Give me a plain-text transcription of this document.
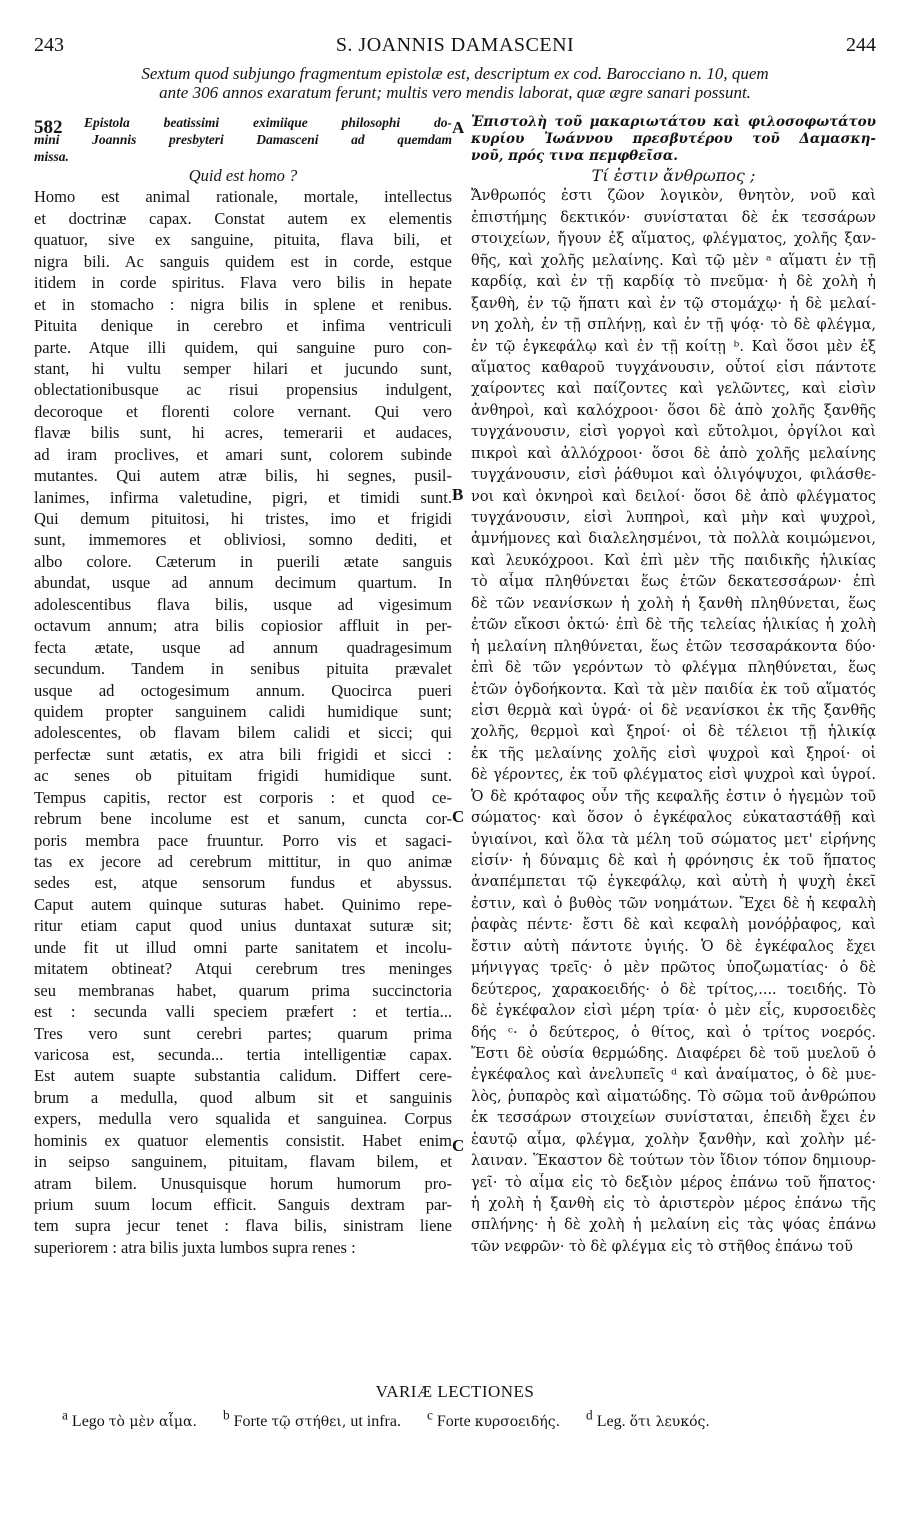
243	S. JOANNIS DAMASCENI	244
Sextum quod subjungo fragmentum epistolæ est, descriptum ex cod. Barocciano n. 10, quem
ante 306 annos exaratum ferunt; multis vero mendis laborat, quæ ægre sanari possunt.
582	A
B
C
C
Epistola beatissimi eximiique philosophi do-
mini Joannis presbyteri Damasceni ad quemdam
missa.
Quid est homo ?
Homo est animal rationale, mortale, intellectus
et doctrinæ capax. Constat autem ex elementis
quatuor, sive ex sanguine, pituita, flava bili, et
nigra bili. Ac sanguis quidem est in corde, estque
itidem in corde spiritus. Flava vero bilis in hepate
et in stomacho : nigra bilis in splene et renibus.
Pituita denique in cerebro et infima ventriculi
parte. Atque illi quidem, qui sanguine puro con-
stant, hi vultu semper hilari et jucundo sunt,
oblectationibusque ac risui propensius indulgent,
decoroque et florenti colore vernant. Qui vero
flavæ bilis sunt, hi acres, temerarii et audaces,
ad iram proclives, et amari sunt, colorem subinde
mutantes. Qui autem atræ bilis, hi segnes, pusil-
lanimes, infirma valetudine, pigri, et timidi sunt.
Qui demum pituitosi, hi tristes, imo et frigidi
sunt, immemores et obliviosi, somno dediti, et
albo colore. Cæterum in puerili ætate sanguis
abundat, usque ad annum decimum quartum. In
adolescentibus flava bilis, usque ad vigesimum
octavum annum; atra bilis copiosior affluit in per-
fecta ætate, usque ad annum quadragesimum
secundum. Tandem in senibus pituita prævalet
usque ad octogesimum annum. Quocirca pueri
quidem propter sanguinem calidi humidique sunt;
adolescentes, ob flavam bilem calidi et sicci; qui
perfectæ sunt ætatis, ex atra bili frigidi et sicci :
ac senes ob pituitam frigidi humidique sunt.
Tempus capitis, rector est corporis : et quod ce-
rebrum bene incolume est et sanum, cuncta cor-
poris membra pace fruuntur. Porro vis et sagaci-
tas ex jecore ad cerebrum mittitur, in quo animæ
sedes est, atque sensorum fundus et abyssus.
Caput autem quinque suturas habet. Quinimo repe-
ritur etiam caput quod unius duntaxat suturæ sit;
unde fit ut illud omni parte sanitatem et incolu-
mitatem obtineat? Atqui cerebrum tres meninges
seu membranas habet, quarum prima succinctoria
est : secunda valli speciem præfert : et tertia...
Tres vero sunt cerebri partes; quarum prima
varicosa est, secunda... tertia intelligentiæ capax.
Est autem suapte substantia calidum. Differt cere-
brum a medulla, quod album sit et sanguinis
expers, medulla vero squalida et sanguinea. Corpus
hominis ex quatuor elementis consistit. Habet enim
in seipso sanguinem, pituitam, flavam bilem, et
atram bilem. Unusquisque horum humorum pro-
prium suum locum efficit. Sanguis dextram par-
tem supra jecur tenet : flava bilis, sinistram liene
superiorem : atra bilis juxta lumbos supra renes :
Ἐπιστολὴ τοῦ μακαριωτάτου καὶ φιλοσοφωτάτου
κυρίου Ἰωάννου πρεσβυτέρου τοῦ Δαμασκη-
νοῦ, πρός τινα πεμφθεῖσα.
Τί ἐστιν ἄνθρωπος ;
Ἄνθρωπός ἐστι ζῶον λογικὸν, θνητὸν, νοῦ καὶ
ἐπιστήμης δεκτικόν· συνίσταται δὲ ἐκ τεσσάρων
στοιχείων, ἤγουν ἐξ αἵματος, φλέγματος, χολῆς ξαν-
θῆς, καὶ χολῆς μελαίνης. Καὶ τῷ μὲν ᵃ αἵματι ἐν τῇ
καρδίᾳ, καὶ ἐν τῇ καρδίᾳ τὸ πνεῦμα· ἡ δὲ χολὴ ἡ
ξανθὴ, ἐν τῷ ἥπατι καὶ ἐν τῷ στομάχῳ· ἡ δὲ μελαί-
νη χολὴ, ἐν τῇ σπλήνῃ, καὶ ἐν τῇ ψόᾳ· τὸ δὲ φλέγμα,
ἐν τῷ ἐγκεφάλῳ καὶ ἐν τῇ κοίτῃ ᵇ. Καὶ ὅσοι μὲν ἐξ
αἵματος καθαροῦ τυγχάνουσιν, οὗτοί εἰσι πάντοτε
χαίροντες καὶ παίζοντες καὶ γελῶντες, καὶ εἰσὶν
ἀνθηροὶ, καὶ καλόχροοι· ὅσοι δὲ ἀπὸ χολῆς ξανθῆς
τυγχάνουσιν, εἰσὶ γοργοὶ καὶ εὔτολμοι, ὀργίλοι καὶ
πικροὶ καὶ ἀλλόχροοι· ὅσοι δὲ ἀπὸ χολῆς μελαίνης
τυγχάνουσιν, εἰσὶ ῥάθυμοι καὶ ὀλιγόψυχοι, φιλάσθε-
νοι καὶ ὀκνηροὶ καὶ δειλοί· ὅσοι δὲ ἀπὸ φλέγματος
τυγχάνουσιν, εἰσὶ λυπηροὶ, καὶ μὴν καὶ ψυχροὶ,
ἀμνήμονες καὶ διαλελησμένοι, τὰ πολλὰ κοιμώμενοι,
καὶ λευκόχροοι. Καὶ ἐπὶ μὲν τῆς παιδικῆς ἡλικίας
τὸ αἷμα πληθύνεται ἕως ἐτῶν δεκατεσσάρων· ἐπὶ
δὲ τῶν νεανίσκων ἡ χολὴ ἡ ξανθὴ πληθύνεται, ἕως
ἐτῶν εἴκοσι ὀκτώ· ἐπὶ δὲ τῆς τελείας ἡλικίας ἡ χολὴ
ἡ μελαίνη πληθύνεται, ἕως ἐτῶν τεσσαράκοντα δύο·
ἐπὶ δὲ τῶν γερόντων τὸ φλέγμα πληθύνεται, ἕως
ἐτῶν ὀγδοήκοντα. Καὶ τὰ μὲν παιδία ἐκ τοῦ αἵματός
εἰσι θερμὰ καὶ ὑγρά· οἱ δὲ νεανίσκοι ἐκ τῆς ξανθῆς
χολῆς, θερμοὶ καὶ ξηροί· οἱ δὲ τέλειοι τῇ ἡλικίᾳ
ἐκ τῆς μελαίνης χολῆς εἰσὶ ψυχροὶ καὶ ξηροί· οἱ
δὲ γέροντες, ἐκ τοῦ φλέγματος εἰσὶ ψυχροὶ καὶ ὑγροί.
Ὁ δὲ κρόταφος οὖν τῆς κεφαλῆς ἐστιν ὁ ἡγεμὼν τοῦ
σώματος· καὶ ὅσον ὁ ἐγκέφαλος εὐκαταστάθῇ καὶ
ὑγιαίνοι, καὶ ὅλα τὰ μέλη τοῦ σώματος μετ' εἰρήνης
εἰσίν· ἡ δύναμις δὲ καὶ ἡ φρόνησις ἐκ τοῦ ἥπατος
ἀναπέμπεται τῷ ἐγκεφάλῳ, καὶ αὐτὴ ἡ ψυχὴ ἐκεῖ
ἐστιν, καὶ ὁ βυθὸς τῶν νοημάτων. Ἔχει δὲ ἡ κεφαλὴ
ῥαφὰς πέντε· ἔστι δὲ καὶ κεφαλὴ μονόῤῥαφος, καὶ
ἔστιν αὐτὴ πάντοτε ὑγιής. Ὁ δὲ ἐγκέφαλος ἔχει
μήνιγγας τρεῖς· ὁ μὲν πρῶτος ὑποζωματίας· ὁ δὲ
δεύτερος, χαρακοειδής· ὁ δὲ τρίτος,.... τοειδής. Τὸ
δὲ ἐγκέφαλον εἰσὶ μέρη τρία· ὁ μὲν εἷς, κυρσοειδὲς
δής ᶜ· ὁ δεύτερος, ὁ θίτος, καὶ ὁ τρίτος νοερός.
Ἔστι δὲ οὐσία θερμώδης. Διαφέρει δὲ τοῦ μυελοῦ ὁ
ἐγκέφαλος καὶ ἀνελυπεῖς ᵈ καὶ ἀναίματος, ὁ δὲ μυε-
λὸς, ῥυπαρὸς καὶ αἱματώδης. Τὸ σῶμα τοῦ ἀνθρώπου
ἐκ τεσσάρων στοιχείων συνίσταται, ἐπειδὴ ἔχει ἐν
ἑαυτῷ αἷμα, φλέγμα, χολὴν ξανθὴν, καὶ χολὴν μέ-
λαιναν. Ἕκαστον δὲ τούτων τὸν ἴδιον τόπον δημιουρ-
γεῖ· τὸ αἷμα εἰς τὸ δεξιὸν μέρος ἐπάνω τοῦ ἥπατος·
ἡ χολὴ ἡ ξανθὴ εἰς τὸ ἀριστερὸν μέρος ἐπάνω τῆς
σπλήνης· ἡ δὲ χολὴ ἡ μελαίνη εἰς τὰς ψόας ἐπάνω
τῶν νεφρῶν· τὸ δὲ φλέγμα εἰς τὸ στῆθος ἐπάνω τοῦ
VARIÆ LECTIONES
$^a$ Lego τὸ μὲν αἷμα. $^b$ Forte τῷ στήθει, ut infra. $^c$ Forte κυρσοειδής. $^d$ Leg. ὅτι λευκός.
